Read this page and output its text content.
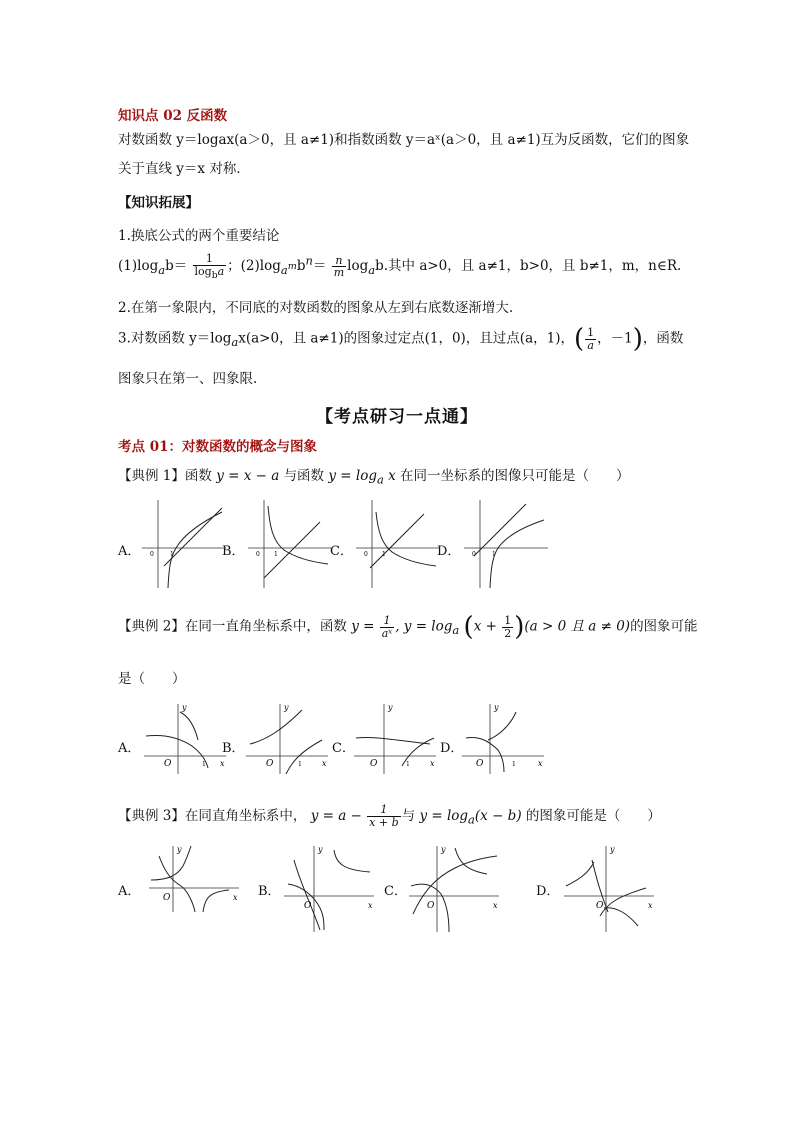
知识点 02 反函数
对数函数 y＝logax(a＞0，且 a≠1)和指数函数 y＝aˣ(a＞0，且 a≠1)互为反函数，它们的图象
关于直线 y＝x 对称．
【知识拓展】
1.换底公式的两个重要结论
$(1)\log_ab= \frac{1}{\log_ba}$ ；$(2)\log_{a^m}b^n= \frac{n}{m} \log_ab$.其中 a>0，且 a≠1，b>0，且 b≠1，m，n∈R.
2.在第一象限内，不同底的对数函数的图象从左到右底数逐渐增大.
3.对数函数 $y=\log_ax(a>0$，且 a≠1)的图象过定点(1，0)，且过点(a，1)，( $\frac{1}{a}$ ，－1)，函数
图象只在第一、四象限.
【考点研习一点通】
考点 01：对数函数的概念与图象
【典例 1】函数 y = x − a 与函数 $y = \log_a x$ 在同一坐标系的图像只可能是（　　）
A．	B．	C．	D．
0	1	0 1	0 1	0	1
【典例 2】在同一直角坐标系中，函数 $y = \frac{1}{\text{aˣ}}$ , $y = \log_a (x + \frac{1}{2} )(a > 0$ 且 a ≠ 0)的图象可能
是（　　）
A．	B．	C．	D．
y
x
O	1
y
x
O	1
y
x
O	1
y
x
O	1
【典例 3】在同直角坐标系中， $y = a - \frac{1}{x + b}$ 与 $y = \log_a(x - b)$ 的图象可能是（　　）
A．	B．	C．	D．
y
x
O
y
x
O
y
x
O
y
x
O
